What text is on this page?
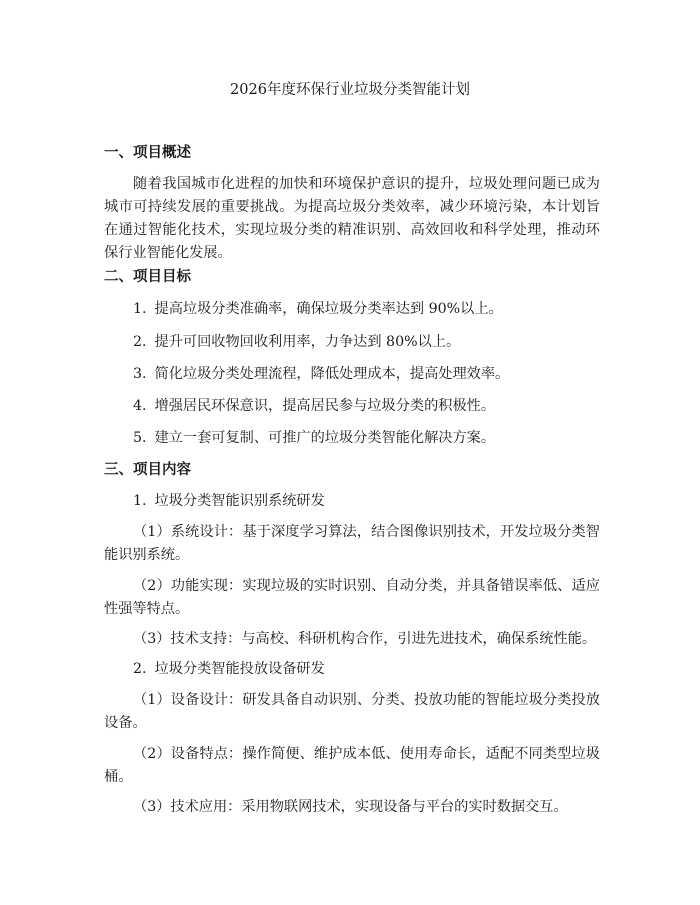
2026年度环保行业垃圾分类智能计划
一、项目概述
随着我国城市化进程的加快和环境保护意识的提升，垃圾处理问题已成为城市可持续发展的重要挑战。为提高垃圾分类效率，减少环境污染，本计划旨在通过智能化技术，实现垃圾分类的精准识别、高效回收和科学处理，推动环保行业智能化发展。
二、项目目标
1. 提高垃圾分类准确率，确保垃圾分类率达到 90%以上。
2. 提升可回收物回收利用率，力争达到 80%以上。
3. 简化垃圾分类处理流程，降低处理成本，提高处理效率。
4. 增强居民环保意识，提高居民参与垃圾分类的积极性。
5. 建立一套可复制、可推广的垃圾分类智能化解决方案。
三、项目内容
1. 垃圾分类智能识别系统研发
（1）系统设计：基于深度学习算法，结合图像识别技术，开发垃圾分类智能识别系统。
（2）功能实现：实现垃圾的实时识别、自动分类，并具备错误率低、适应性强等特点。
（3）技术支持：与高校、科研机构合作，引进先进技术，确保系统性能。
2. 垃圾分类智能投放设备研发
（1）设备设计：研发具备自动识别、分类、投放功能的智能垃圾分类投放设备。
（2）设备特点：操作简便、维护成本低、使用寿命长，适配不同类型垃圾桶。
（3）技术应用：采用物联网技术，实现设备与平台的实时数据交互。
